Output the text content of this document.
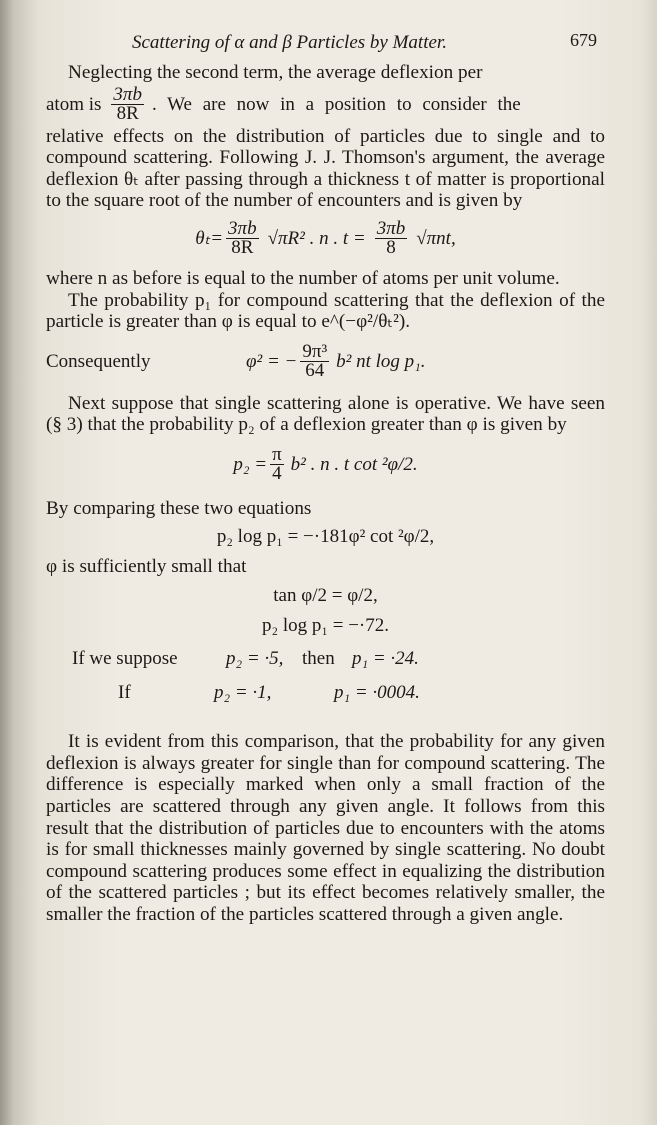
Scattering of α and β Particles by Matter.	679

Neglecting the second term, the average deflexion per

atom is $\frac{3\pi b}{8R}$ . We are now in a position to consider the

relative effects on the distribution of particles due to single and to compound scattering. Following J. J. Thomson's argument, the average deflexion θₜ after passing through a thickness t of matter is proportional to the square root of the number of encounters and is given by

$\theta_t= \frac{3\pi b}{8R} √\pi R^2$ . n . $t = \frac{3\pi b}{8} √\pi nt$,

where n as before is equal to the number of atoms per unit volume.

The probability p₁ for compound scattering that the deflexion of the particle is greater than φ is equal to e^(−φ²/θₜ²).

Consequently	φ² = − $\frac{\text{9π³}}{64} b^2$ nt log p₁.

Next suppose that single scattering alone is operative. We have seen (§ 3) that the probability p₂ of a deflexion greater than φ is given by

$p_2 = \frac{\pi}{4} b^2$ . n . t cot ²φ/2.

By comparing these two equations

p₂ log p₁ = −·181φ² cot ²φ/2,

φ is sufficiently small that

tan φ/2 = φ/2,
p₂ log p₁ = −·72.
If we suppose	p₂ = ·5, then p₁ = ·24.
If	p₂ = ·1,	p₁ = ·0004.

It is evident from this comparison, that the probability for any given deflexion is always greater for single than for compound scattering. The difference is especially marked when only a small fraction of the particles are scattered through any given angle. It follows from this result that the distribution of particles due to encounters with the atoms is for small thicknesses mainly governed by single scattering. No doubt compound scattering produces some effect in equalizing the distribution of the scattered particles ; but its effect becomes relatively smaller, the smaller the fraction of the particles scattered through a given angle.
